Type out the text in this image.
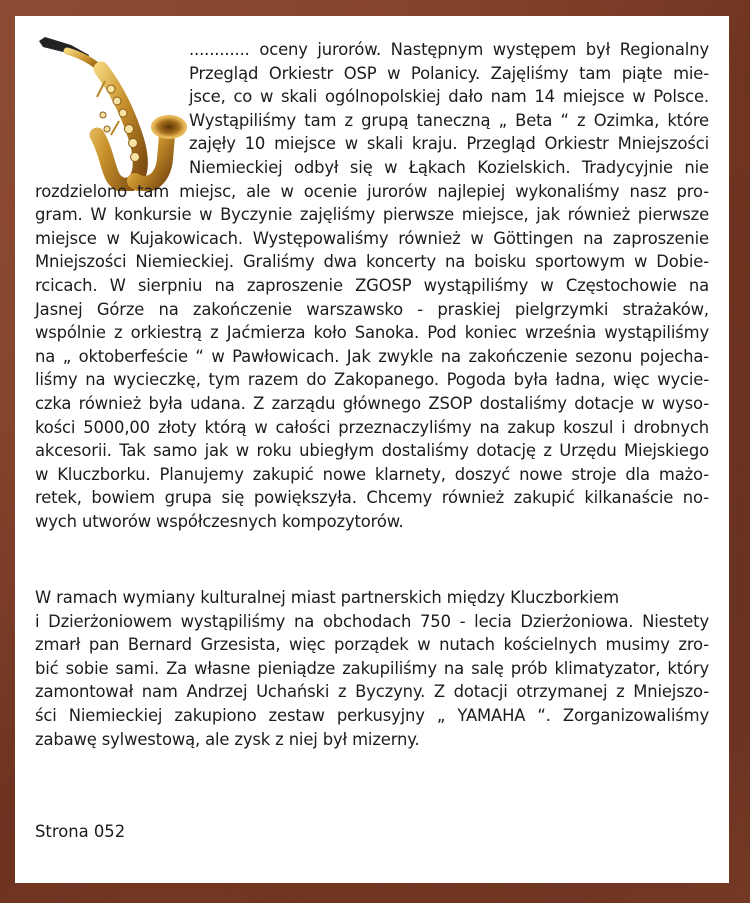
............ oceny jurorów. Następnym występem był Regionalny
Przegląd Orkiestr OSP w Polanicy. Zajęliśmy tam piąte mie-
jsce, co w skali ogólnopolskiej dało nam 14 miejsce w Polsce.
Wystąpiliśmy tam z grupą taneczną „ Beta “ z Ozimka, które
zajęły 10 miejsce w skali kraju. Przegląd Orkiestr Mniejszości
Niemieckiej odbył się w Łąkach Kozielskich. Tradycyjnie nie
rozdzielono tam miejsc, ale w ocenie jurorów najlepiej wykonaliśmy nasz pro-
gram. W konkursie w Byczynie zajęliśmy pierwsze miejsce, jak również pierwsze
miejsce w Kujakowicach. Występowaliśmy również w Göttingen na zaproszenie
Mniejszości Niemieckiej. Graliśmy dwa koncerty na boisku sportowym w Dobie-
rcicach. W sierpniu na zaproszenie ZGOSP wystąpiliśmy w Częstochowie na
Jasnej Górze na zakończenie warszawsko - praskiej pielgrzymki strażaków,
wspólnie z orkiestrą z Jaćmierza koło Sanoka. Pod koniec września wystąpiliśmy
na „ oktoberfeście “ w Pawłowicach. Jak zwykle na zakończenie sezonu pojecha-
liśmy na wycieczkę, tym razem do Zakopanego. Pogoda była ładna, więc wycie-
czka również była udana. Z zarządu głównego ZSOP dostaliśmy dotacje w wyso-
kości 5000,00 złoty którą w całości przeznaczyliśmy na zakup koszul i drobnych
akcesorii. Tak samo jak w roku ubiegłym dostaliśmy dotację z Urzędu Miejskiego
w Kluczborku. Planujemy zakupić nowe klarnety, doszyć nowe stroje dla mażo-
retek, bowiem grupa się powiększyła. Chcemy również zakupić kilkanaście no-
wych utworów współczesnych kompozytorów.
W ramach wymiany kulturalnej miast partnerskich między Kluczborkiem
i Dzierżoniowem wystąpiliśmy na obchodach 750 - lecia Dzierżoniowa. Niestety
zmarł pan Bernard Grzesista, więc porządek w nutach kościelnych musimy zro-
bić sobie sami. Za własne pieniądze zakupiliśmy na salę prób klimatyzator, który
zamontował nam Andrzej Uchański z Byczyny. Z dotacji otrzymanej z Mniejszo-
ści Niemieckiej zakupiono zestaw perkusyjny „ YAMAHA “. Zorganizowaliśmy
zabawę sylwestową, ale zysk z niej był mizerny.
Strona 052
